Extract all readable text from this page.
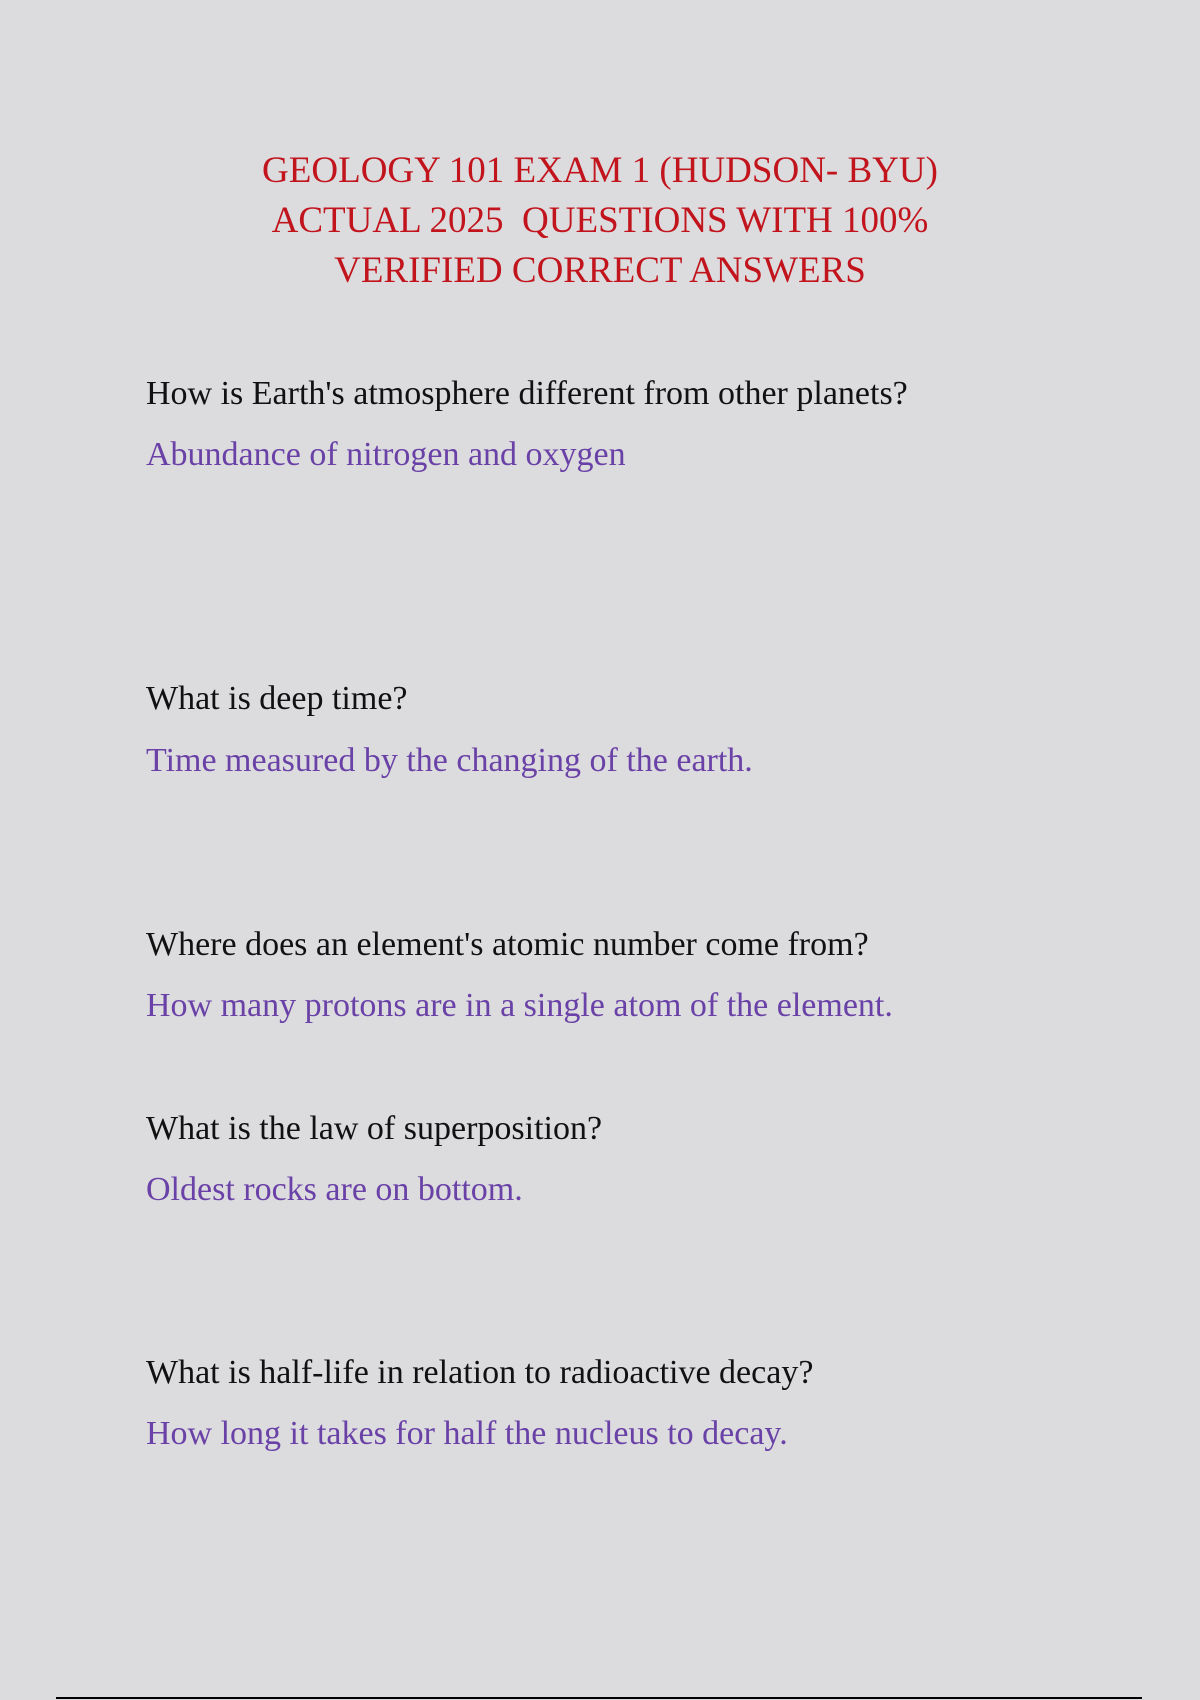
GEOLOGY 101 EXAM 1 (HUDSON- BYU)
ACTUAL 2025  QUESTIONS WITH 100%
VERIFIED CORRECT ANSWERS
How is Earth's atmosphere different from other planets?
Abundance of nitrogen and oxygen
What is deep time?
Time measured by the changing of the earth.
Where does an element's atomic number come from?
How many protons are in a single atom of the element.
What is the law of superposition?
Oldest rocks are on bottom.
What is half-life in relation to radioactive decay?
How long it takes for half the nucleus to decay.
